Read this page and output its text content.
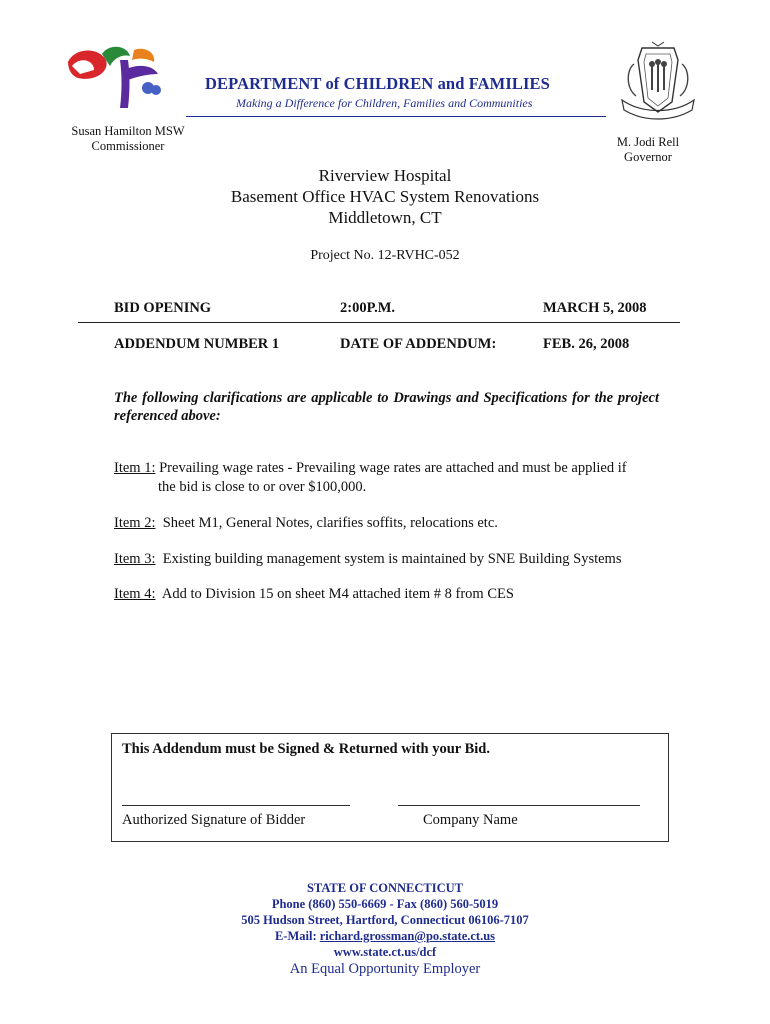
DEPARTMENT of CHILDREN and FAMILIES
Making a Difference for Children, Families and Communities
Susan Hamilton MSW
Commissioner	M. Jodi Rell
Governor
Riverview Hospital
Basement Office HVAC System Renovations
Middletown, CT
Project No. 12-RVHC-052
BID OPENING	2:00P.M.	MARCH 5, 2008
ADDENDUM NUMBER 1	DATE OF ADDENDUM:	FEB. 26, 2008
The following clarifications are applicable to Drawings and Specifications for the project referenced above:
Item 1: Prevailing wage rates - Prevailing wage rates are attached and must be applied if
the bid is close to or over $100,000.
Item 2:  Sheet M1, General Notes, clarifies soffits, relocations etc.
Item 3:  Existing building management system is maintained by SNE Building Systems
Item 4:  Add to Division 15 on sheet M4 attached item # 8 from CES
This Addendum must be Signed & Returned with your Bid.
Authorized Signature of Bidder	Company Name
STATE OF CONNECTICUT
Phone (860) 550-6669 - Fax (860) 560-5019
505 Hudson Street, Hartford, Connecticut 06106-7107
E-Mail: richard.grossman@po.state.ct.us
www.state.ct.us/dcf
An Equal Opportunity Employer
